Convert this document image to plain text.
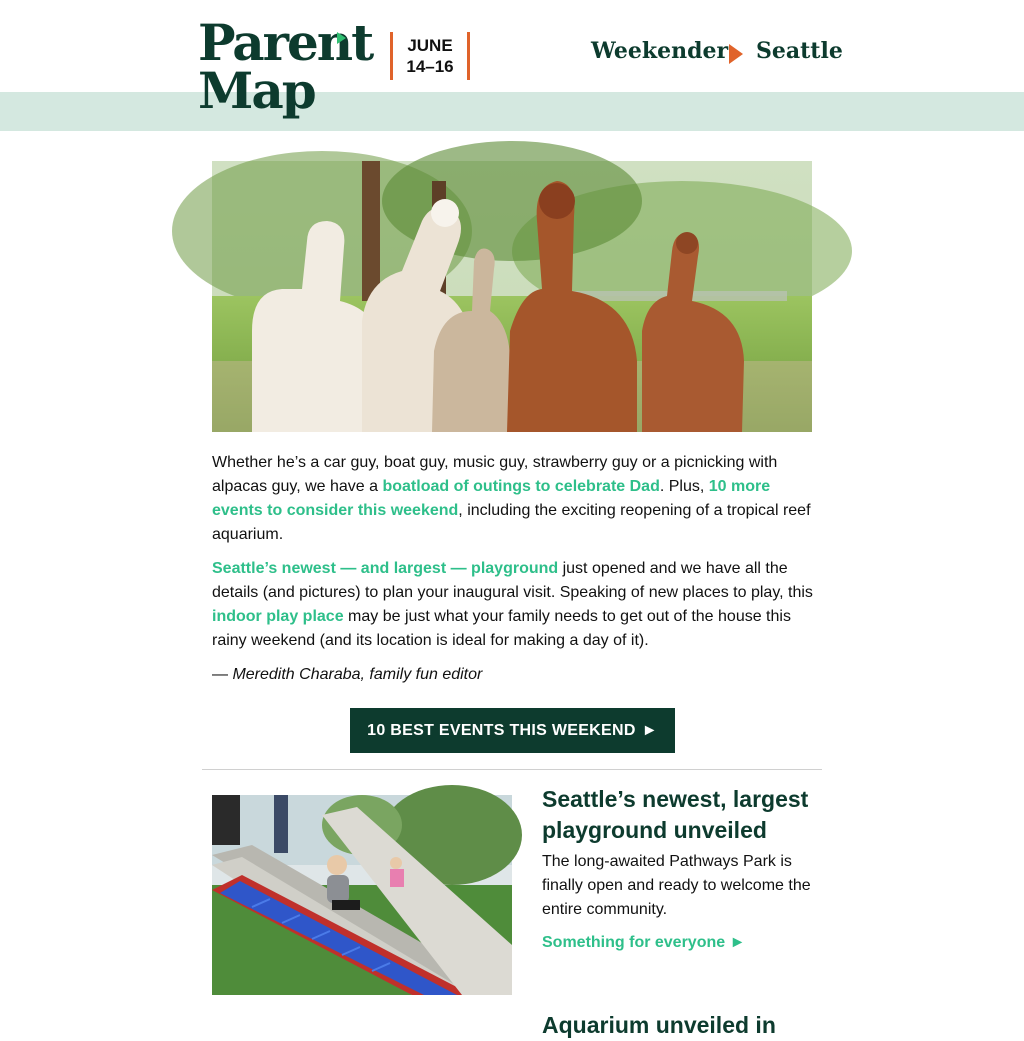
Parent
Map
JUNE
14–16
Weekender Seattle

Whether he’s a car guy, boat guy, music guy, strawberry guy or a picnicking with alpacas guy, we have a boatload of outings to celebrate Dad. Plus, 10 more events to consider this weekend, including the exciting reopening of a tropical reef aquarium.

Seattle’s newest — and largest — playground just opened and we have all the details (and pictures) to plan your inaugural visit. Speaking of new places to play, this indoor play place may be just what your family needs to get out of the house this rainy weekend (and its location is ideal for making a day of it).

— Meredith Charaba, family fun editor

10 BEST EVENTS THIS WEEKEND ►
Seattle’s newest, largest playground unveiled

The long-awaited Pathways Park is finally open and ready to welcome the entire community.

Something for everyone ►
Aquarium unveiled in
